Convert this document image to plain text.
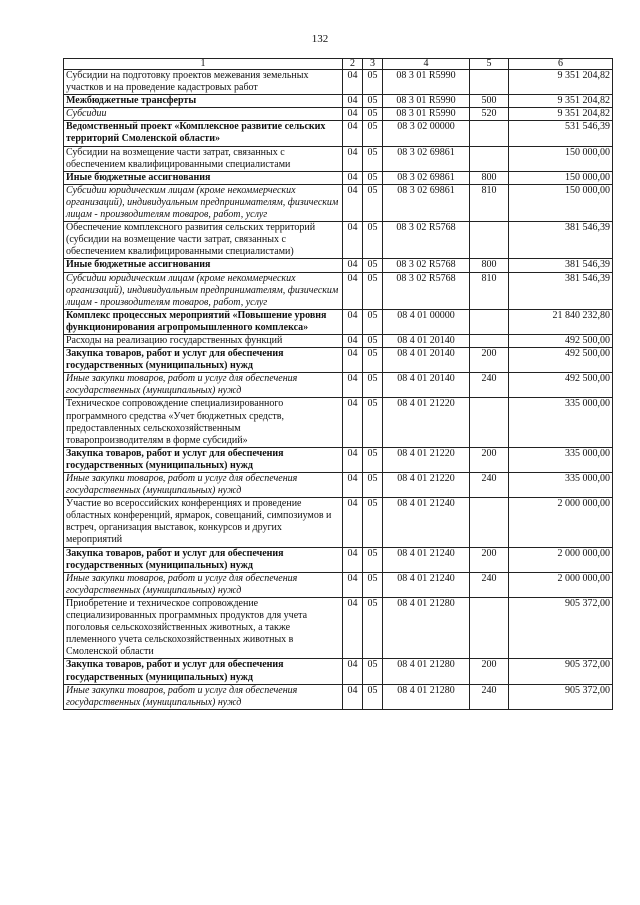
132
1	2	3	4	5	6
Субсидии на подготовку проектов межевания земельных участков и на проведение кадастровых работ	04	05	08 3 01 R5990		9 351 204,82
Межбюджетные трансферты	04	05	08 3 01 R5990	500	9 351 204,82
Субсидии	04	05	08 3 01 R5990	520	9 351 204,82
Ведомственный проект «Комплексное развитие сельских территорий Смоленской области»	04	05	08 3 02 00000		531 546,39
Субсидии на возмещение части затрат, связанных с обеспечением квалифицированными специалистами	04	05	08 3 02 69861		150 000,00
Иные бюджетные ассигнования	04	05	08 3 02 69861	800	150 000,00
Субсидии юридическим лицам (кроме некоммерческих организаций), индивидуальным предпринимателям, физическим лицам - производителям товаров, работ, услуг	04	05	08 3 02 69861	810	150 000,00
Обеспечение комплексного развития сельских территорий (субсидии на возмещение части затрат, связанных с обеспечением квалифицированными специалистами)	04	05	08 3 02 R5768		381 546,39
Иные бюджетные ассигнования	04	05	08 3 02 R5768	800	381 546,39
Субсидии юридическим лицам (кроме некоммерческих организаций), индивидуальным предпринимателям, физическим лицам - производителям товаров, работ, услуг	04	05	08 3 02 R5768	810	381 546,39
Комплекс процессных мероприятий «Повышение уровня функционирования агропромышленного комплекса»	04	05	08 4 01 00000		21 840 232,80
Расходы на реализацию государственных функций	04	05	08 4 01 20140		492 500,00
Закупка товаров, работ и услуг для обеспечения государственных (муниципальных) нужд	04	05	08 4 01 20140	200	492 500,00
Иные закупки товаров, работ и услуг для обеспечения государственных (муниципальных) нужд	04	05	08 4 01 20140	240	492 500,00
Техническое сопровождение специализированного программного средства «Учет бюджетных средств, предоставленных сельскохозяйственным товаропроизводителям в форме субсидий»	04	05	08 4 01 21220		335 000,00
Закупка товаров, работ и услуг для обеспечения государственных (муниципальных) нужд	04	05	08 4 01 21220	200	335 000,00
Иные закупки товаров, работ и услуг для обеспечения государственных (муниципальных) нужд	04	05	08 4 01 21220	240	335 000,00
Участие во всероссийских конференциях и проведение областных конференций, ярмарок, совещаний, симпозиумов и встреч, организация выставок, конкурсов и других мероприятий	04	05	08 4 01 21240		2 000 000,00
Закупка товаров, работ и услуг для обеспечения государственных (муниципальных) нужд	04	05	08 4 01 21240	200	2 000 000,00
Иные закупки товаров, работ и услуг для обеспечения государственных (муниципальных) нужд	04	05	08 4 01 21240	240	2 000 000,00
Приобретение и техническое сопровождение специализированных программных продуктов для учета поголовья сельскохозяйственных животных, а также племенного учета сельскохозяйственных животных в Смоленской области	04	05	08 4 01 21280		905 372,00
Закупка товаров, работ и услуг для обеспечения государственных (муниципальных) нужд	04	05	08 4 01 21280	200	905 372,00
Иные закупки товаров, работ и услуг для обеспечения государственных (муниципальных) нужд	04	05	08 4 01 21280	240	905 372,00
